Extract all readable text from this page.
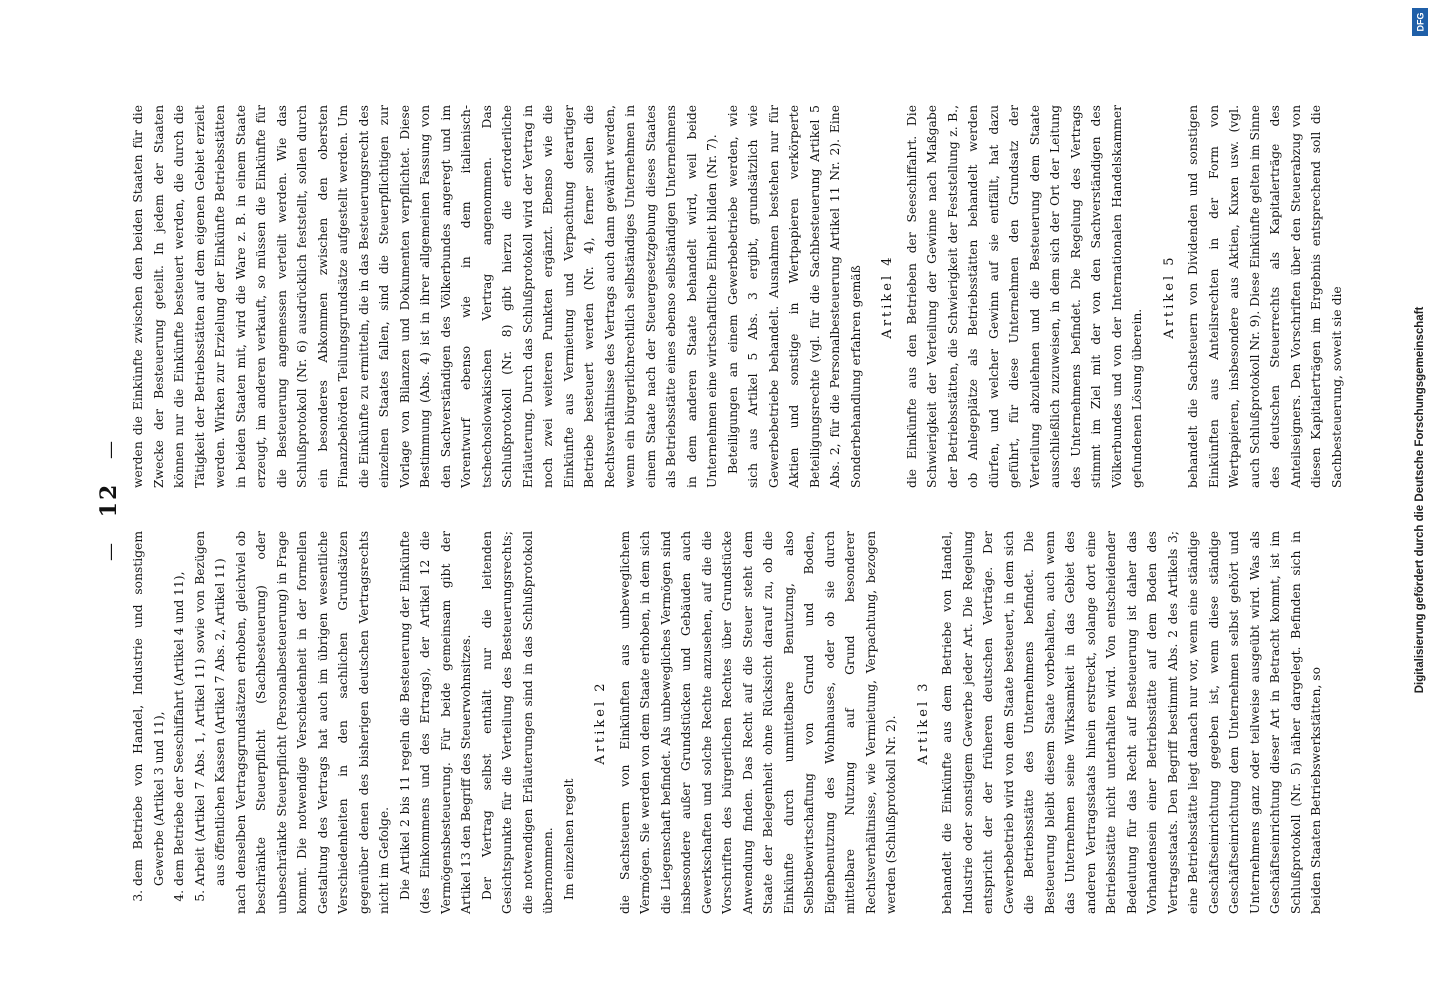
— 12 —
3. dem Betriebe von Handel, Industrie und sonstigem Gewerbe (Artikel 3 und 11), 4. dem Betriebe der Seeschiffahrt (Artikel 4 und 11), 5. Arbeit (Artikel 7 Abs. 1, Artikel 11) sowie von Bezügen aus öffentlichen Kassen (Artikel 7 Abs. 2, Artikel 11) nach denselben Vertragsgrundsätzen erhoben, gleichviel ob beschränkte Steuerpflicht (Sachbesteuerung) oder unbeschränkte Steuerpflicht (Personalbesteuerung) in Frage kommt. Die notwendige Verschiedenheit in der formellen Gestaltung des Vertrags hat auch im übrigen wesentliche Verschiedenheiten in den sachlichen Grundsätzen gegenüber denen des bisherigen deutschen Vertragsrechts nicht im Gefolge. Die Artikel 2 bis 11 regeln die Besteuerung der Einkünfte (des Einkommens und des Ertrags), der Artikel 12 die Vermögensbesteuerung. Für beide gemeinsam gibt der Artikel 13 den Begriff des Steuerwohnsitzes. Der Vertrag selbst enthält nur die leitenden Gesichtspunkte für die Verteilung des Besteuerungsrechts; die notwendigen Erläuterungen sind in das Schlußprotokoll übernommen. Im einzelnen regelt

Artikel 2 die Sachsteuern von Einkünften aus unbeweglichem Vermögen. Sie werden von dem Staate erhoben, in dem sich die Liegenschaft befindet. Als unbewegliches Vermögen sind insbesondere außer Grundstücken und Gebäuden auch Gewerkschaften und solche Rechte anzusehen, auf die die Vorschriften des bürgerlichen Rechtes über Grundstücke Anwendung finden. Das Recht auf die Steuer steht dem Staate der Belegenheit ohne Rücksicht darauf zu, ob die Einkünfte durch unmittelbare Benutzung, also Selbstbewirtschaftung von Grund und Boden, Eigenbenutzung des Wohnhauses, oder ob sie durch mittelbare Nutzung auf Grund besonderer Rechtsverhältnisse, wie Vermietung, Verpachtung, bezogen werden (Schlußprotokoll Nr. 2). Artikel 3 behandelt die Einkünfte aus dem Betriebe von Handel, Industrie oder sonstigem Gewerbe jeder Art. Die Regelung entspricht der der früheren deutschen Verträge. Der Gewerbebetrieb wird von dem Staate besteuert, in dem sich die Betriebsstätte des Unternehmens befindet. Die Besteuerung bleibt diesem Staate vorbehalten, auch wenn das Unternehmen seine Wirksamkeit in das Gebiet des anderen Vertragsstaats hinein erstreckt, solange dort eine Betriebsstätte nicht unterhalten wird. Von entscheidender Bedeutung für das Recht auf Besteuerung ist daher das Vorhandensein einer Betriebsstätte auf dem Boden des Vertragsstaats. Den Begriff bestimmt Abs. 2 des Artikels 3; eine Betriebsstätte liegt danach nur vor, wenn eine ständige Geschäftseinrichtung gegeben ist, wenn diese ständige Geschäftseinrichtung dem Unternehmen selbst gehört und Unternehmens ganz oder teilweise ausgeübt wird. Was als Geschäftseinrichtung dieser Art in Betracht kommt, ist im Schlußprotokoll (Nr. 5) näher dargelegt. Befinden sich in beiden Staaten Betriebswerkstätten, so

werden die Einkünfte zwischen den beiden Staaten für die Zwecke der Besteuerung geteilt. In jedem der Staaten können nur die Einkünfte besteuert werden, die durch die Tätigkeit der Betriebsstätten auf dem eigenen Gebiet erzielt werden. Wirken zur Erzielung der Einkünfte Betriebsstätten in beiden Staaten mit, wird die Ware z. B. in einem Staate erzeugt, im anderen verkauft, so müssen die Einkünfte für die Besteuerung angemessen verteilt werden. Wie das Schlußprotokoll (Nr. 6) ausdrücklich feststellt, sollen durch ein besonderes Abkommen zwischen den obersten Finanzbehörden Teilungsgrundsätze aufgestellt werden. Um die Einkünfte zu ermitteln, die in das Besteuerungsrecht des einzelnen Staates fallen, sind die Steuerpflichtigen zur Vorlage von Bilanzen und Dokumenten verpflichtet. Diese Bestimmung (Abs. 4) ist in ihrer allgemeinen Fassung von den Sachverständigen des Völkerbundes angeregt und im Vorentwurf ebenso wie in dem italienisch-tschechoslowakischen Vertrag angenommen. Das Schlußprotokoll (Nr. 8) gibt hierzu die erforderliche Erläuterung. Durch das Schlußprotokoll wird der Vertrag in noch zwei weiteren Punkten ergänzt. Ebenso wie die Einkünfte aus Vermietung und Verpachtung derartiger Betriebe besteuert werden (Nr. 4), ferner sollen die Rechtsverhältnisse des Vertrags auch dann gewährt werden, wenn ein bürgerlichrechtlich selbständiges Unternehmen in einem Staate nach der Steuergesetzgebung dieses Staates als Betriebsstätte eines ebenso selbständigen Unternehmens in dem anderen Staate behandelt wird, weil beide Unternehmen eine wirtschaftliche Einheit bilden (Nr. 7). Beteiligungen an einem Gewerbebetriebe werden, wie sich aus Artikel 5 Abs. 3 ergibt, grundsätzlich wie Gewerbebetriebe behandelt. Ausnahmen bestehen nur für Aktien und sonstige in Wertpapieren verkörperte Beteiligungsrechte (vgl. für die Sachbesteuerung Artikel 5 Abs. 2, für die Personalbesteuerung Artikel 11 Nr. 2). Eine Sonderbehandlung erfahren gemäß Artikel 4 die Einkünfte aus den Betrieben der Seeschiffahrt. Die Schwierigkeit der Verteilung der Gewinne nach Maßgabe der Betriebsstätten, die Schwierigkeit der Feststellung z. B., ob Anlegeplätze als Betriebsstätten behandelt werden dürfen, und welcher Gewinn auf sie entfällt, hat dazu geführt, für diese Unternehmen den Grundsatz der Verteilung abzulehnen und die Besteuerung dem Staate ausschließlich zuzuweisen, in dem sich der Ort der Leitung des Unternehmens befindet. Die Regelung des Vertrags stimmt im Ziel mit der von den Sachverständigen des Völkerbundes und von der Internationalen Handelskammer gefundenen Lösung überein.

Artikel 5 behandelt die Sachsteuern von Dividenden und sonstigen Einkünften aus Anteilsrechten in der Form von Wertpapieren, insbesondere aus Aktien, Kuxen usw. (vgl. auch Schlußprotokoll Nr. 9). Diese Einkünfte gelten im Sinne des deutschen Steuerrechts als Kapitalerträge des Anteilseigners. Den Vorschriften über den Steuerabzug von diesen Kapitalerträgen im Ergebnis entsprechend soll die Sachbesteuerung, soweit sie die	Digitalisierung gefördert durch die Deutsche Forschungsgemeinschaft
DFG
